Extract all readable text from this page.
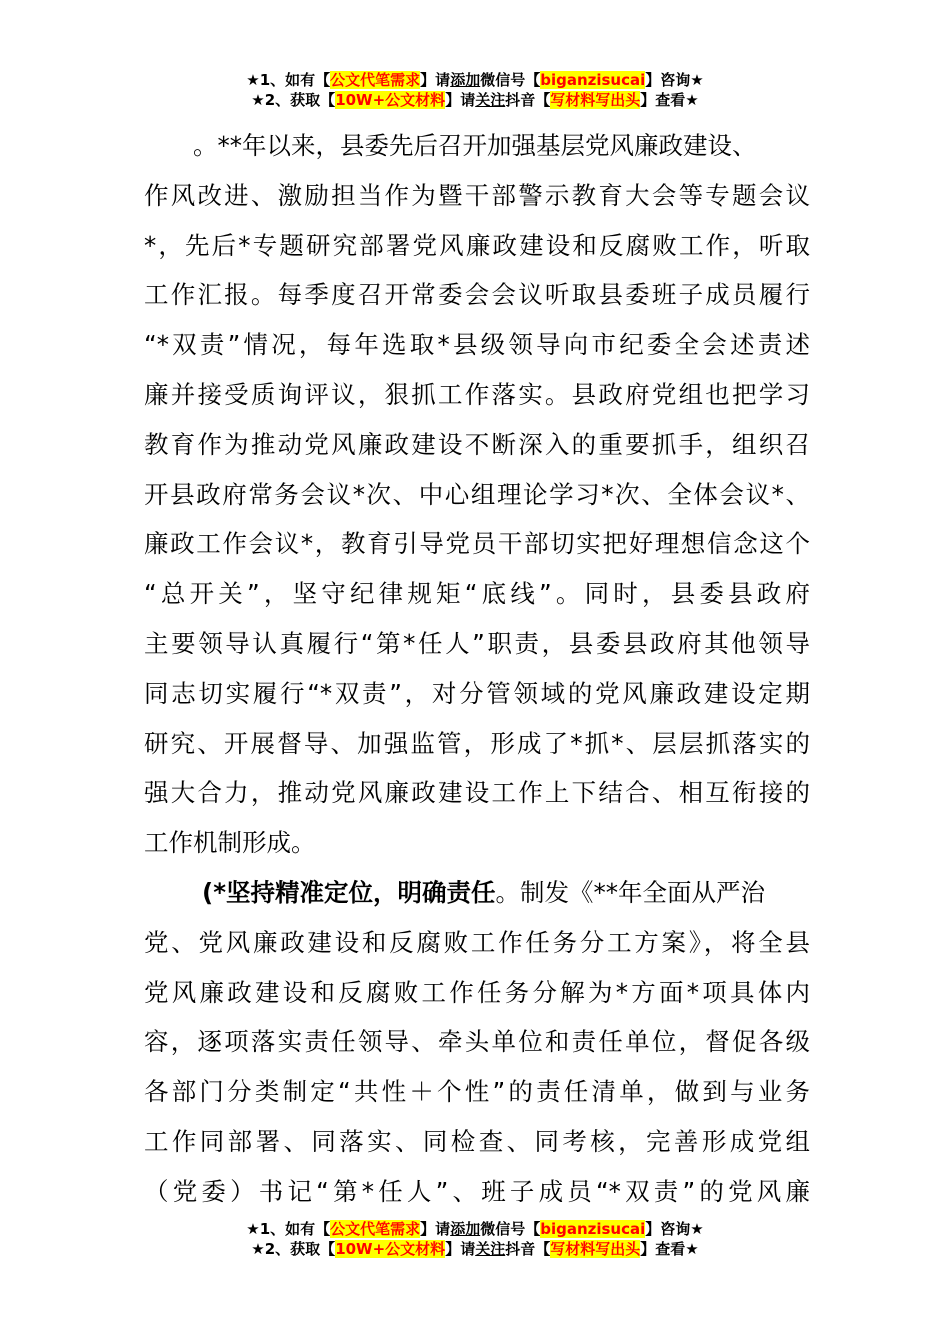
★1、如有【公文代笔需求】请添加微信号【biganzisucai】咨询★
★2、获取【10W+公文材料】请关注抖音【写材料写出头】查看★

。**年以来，县委先后召开加强基层党风廉政建设、
作风改进、激励担当作为暨干部警示教育大会等专题会议
*，先后*专题研究部署党风廉政建设和反腐败工作，听取
工作汇报。每季度召开常委会会议听取县委班子成员履行
“*双责”情况，每年选取*县级领导向市纪委全会述责述
廉并接受质询评议，狠抓工作落实。县政府党组也把学习
教育作为推动党风廉政建设不断深入的重要抓手，组织召
开县政府常务会议*次、中心组理论学习*次、全体会议*、
廉政工作会议*，教育引导党员干部切实把好理想信念这个
“总开关”，坚守纪律规矩“底线”。同时，县委县政府
主要领导认真履行“第*任人”职责，县委县政府其他领导
同志切实履行“*双责”，对分管领域的党风廉政建设定期
研究、开展督导、加强监管，形成了*抓*、层层抓落实的
强大合力，推动党风廉政建设工作上下结合、相互衔接的
工作机制形成。

(*坚持精准定位，明确责任。制发《**年全面从严治
党、党风廉政建设和反腐败工作任务分工方案》，将全县
党风廉政建设和反腐败工作任务分解为*方面*项具体内
容，逐项落实责任领导、牵头单位和责任单位，督促各级
各部门分类制定“共性＋个性”的责任清单，做到与业务
工作同部署、同落实、同检查、同考核，完善形成党组
（党委）书记“第*任人”、班子成员“*双责”的党风廉

★1、如有【公文代笔需求】请添加微信号【biganzisucai】咨询★
★2、获取【10W+公文材料】请关注抖音【写材料写出头】查看★
